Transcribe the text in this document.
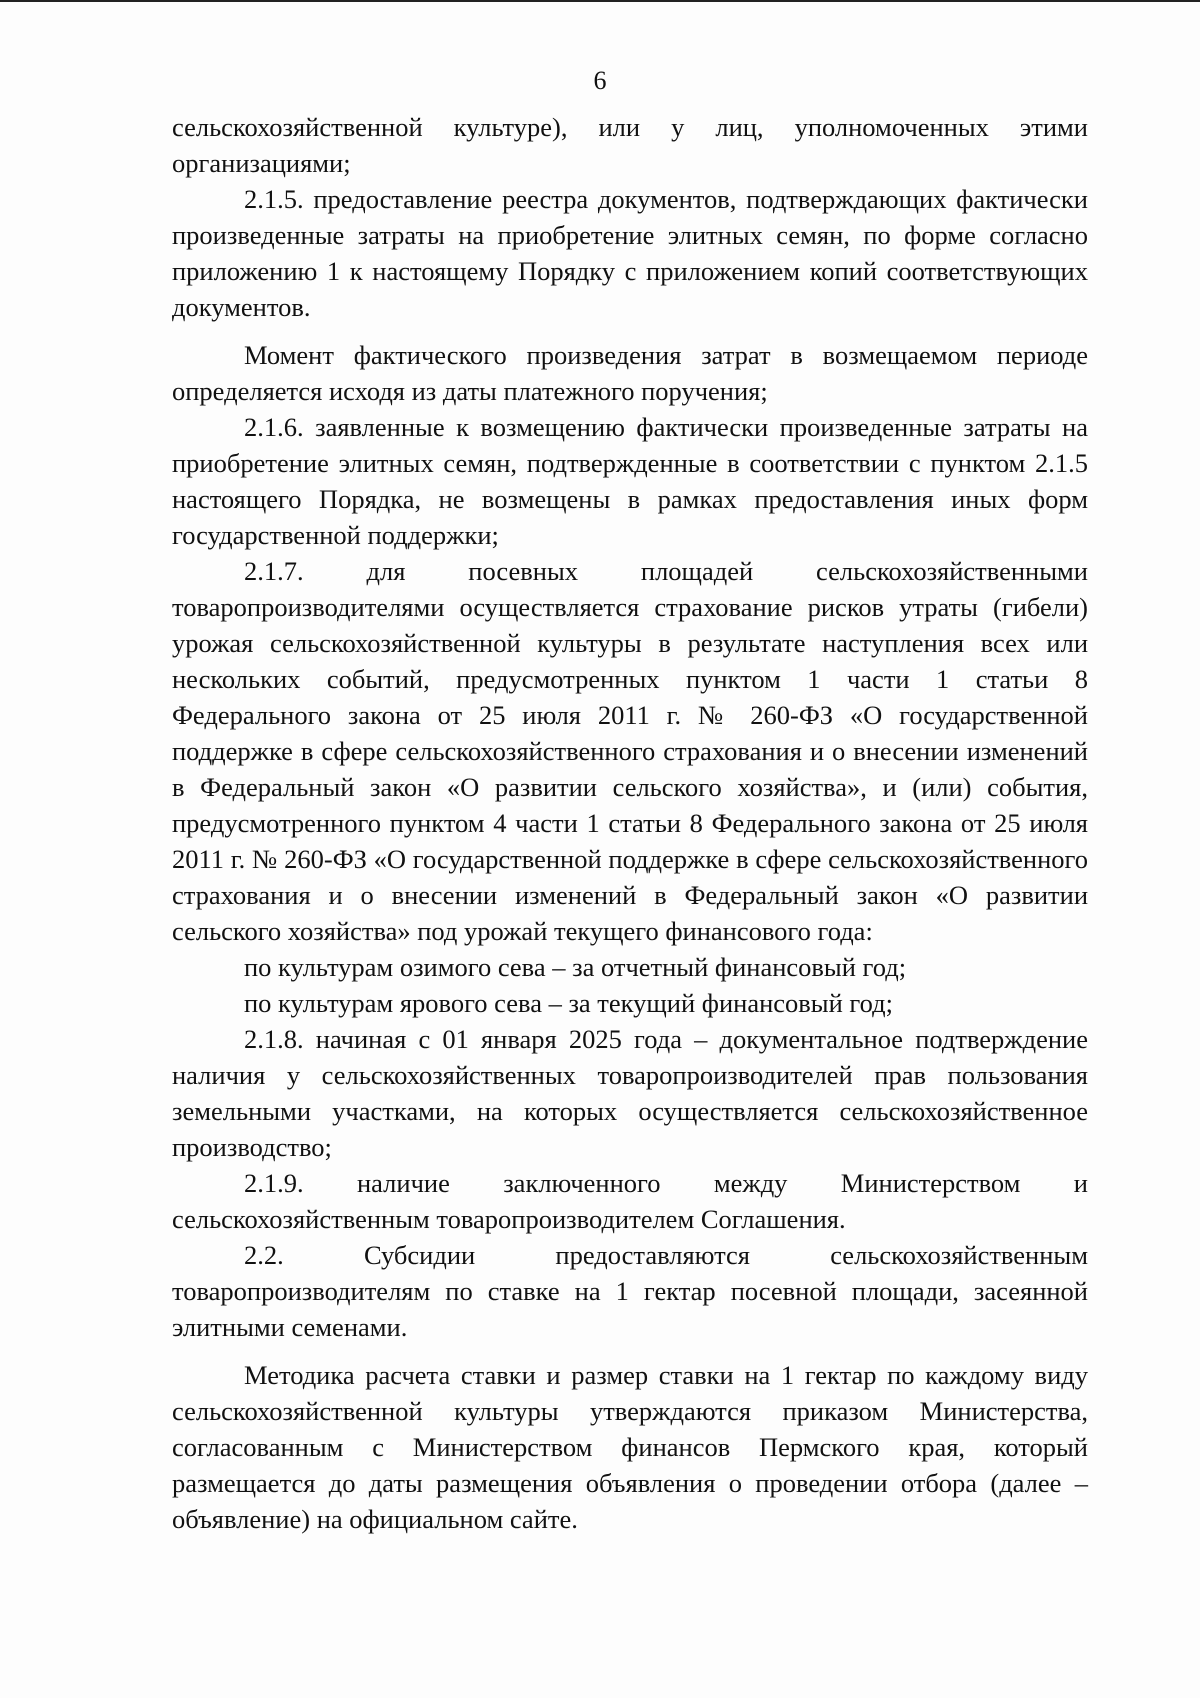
6

сельскохозяйственной культуре), или у лиц, уполномоченных этими организациями;

2.1.5. предоставление реестра документов, подтверждающих фактически произведенные затраты на приобретение элитных семян, по форме согласно приложению 1 к настоящему Порядку с приложением копий соответствующих документов.

Момент фактического произведения затрат в возмещаемом периоде определяется исходя из даты платежного поручения;

2.1.6. заявленные к возмещению фактически произведенные затраты на приобретение элитных семян, подтвержденные в соответствии с пунктом 2.1.5 настоящего Порядка, не возмещены в рамках предоставления иных форм государственной поддержки;

2.1.7. для посевных площадей сельскохозяйственными товаропроизводителями осуществляется страхование рисков утраты (гибели) урожая сельскохозяйственной культуры в результате наступления всех или нескольких событий, предусмотренных пунктом 1 части 1 статьи 8 Федерального закона от 25 июля 2011 г. № 260-ФЗ «О государственной поддержке в сфере сельскохозяйственного страхования и о внесении изменений в Федеральный закон «О развитии сельского хозяйства», и (или) события, предусмотренного пунктом 4 части 1 статьи 8 Федерального закона от 25 июля 2011 г. № 260-ФЗ «О государственной поддержке в сфере сельскохозяйственного страхования и о внесении изменений в Федеральный закон «О развитии сельского хозяйства» под урожай текущего финансового года:

по культурам озимого сева – за отчетный финансовый год;

по культурам ярового сева – за текущий финансовый год;

2.1.8. начиная с 01 января 2025 года – документальное подтверждение наличия у сельскохозяйственных товаропроизводителей прав пользования земельными участками, на которых осуществляется сельскохозяйственное производство;

2.1.9. наличие заключенного между Министерством и сельскохозяйственным товаропроизводителем Соглашения.

2.2. Субсидии предоставляются сельскохозяйственным товаропроизводителям по ставке на 1 гектар посевной площади, засеянной элитными семенами.

Методика расчета ставки и размер ставки на 1 гектар по каждому виду сельскохозяйственной культуры утверждаются приказом Министерства, согласованным с Министерством финансов Пермского края, который размещается до даты размещения объявления о проведении отбора (далее – объявление) на официальном сайте.
